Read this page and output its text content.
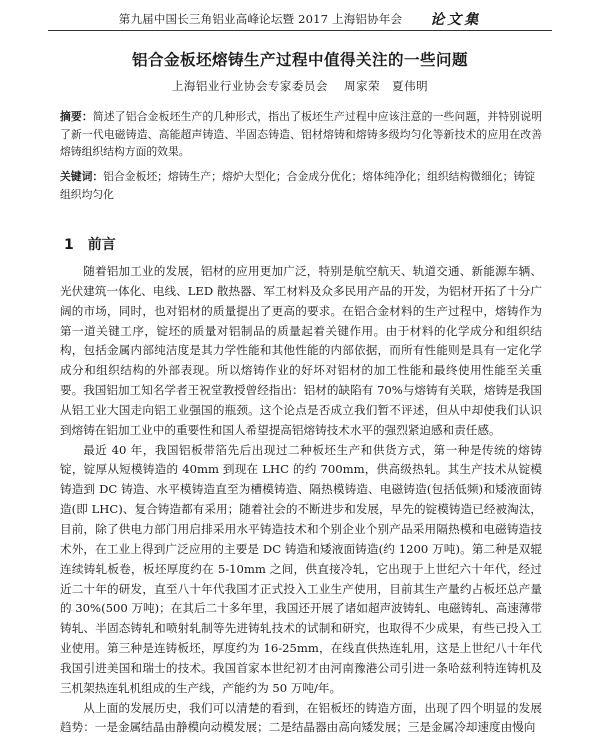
第九届中国长三角铝业高峰论坛暨 2017 上海铝协年会 论文集
铝合金板坯熔铸生产过程中值得关注的一些问题
上海铝业行业协会专家委员会 周家荣　夏伟明
摘要：简述了铝合金板坯生产的几种形式，指出了板坯生产过程中应该注意的一些问题，并特别说明了新一代电磁铸造、高能超声铸造、半固态铸造、铝材熔铸和熔铸多级均匀化等新技术的应用在改善熔铸组织结构方面的效果。
关键词：铝合金板坯；熔铸生产；熔炉大型化；合金成分优化；熔体纯净化；组织结构微细化；铸锭组织均匀化
1 前言

随着铝加工业的发展，铝材的应用更加广泛，特别是航空航天、轨道交通、新能源车辆、光伏建筑一体化、电线、LED 散热器、军工材料及众多民用产品的开发，为铝材开拓了十分广阔的市场，同时，也对铝材的质量提出了更高的要求。在铝合金材料的生产过程中，熔铸作为第一道关键工序，锭坯的质量对铝制品的质量起着关键作用。由于材料的化学成分和组织结构，包括金属内部纯洁度是其力学性能和其他性能的内部依据，而所有性能则是具有一定化学成分和组织结构的外部表现。所以熔铸作业的好坏对铝材的加工性能和最终使用性能至关重要。我国铝加工知名学者王祝堂教授曾经指出：铝材的缺陷有 70%与熔铸有关联，熔铸是我国从铝工业大国走向铝工业强国的瓶颈。这个论点是否成立我们暂不评述，但从中却使我们认识到熔铸在铝加工业中的重要性和国人希望提高铝熔铸技术水平的强烈紧迫感和责任感。

最近 40 年，我国铝板带箔先后出现过二种板坯生产和供货方式，第一种是传统的熔铸锭，锭厚从短模铸造的 40mm 到现在 LHC 的约 700mm，供高级热轧。其生产技术从锭模铸造到 DC 铸造、水平模铸造直至为槽模铸造、隔热模铸造、电磁铸造(包括低频)和矮液面铸造(即 LHC)、复合铸造都有采用；随着社会的不断进步和发展，早先的锭模铸造已经被淘汰，目前，除了供电力部门用启排采用水平铸造技术和个别企业个别产品采用隔热模和电磁铸造技术外，在工业上得到广泛应用的主要是 DC 铸造和矮液面铸造(约 1200 万吨)。第二种是双辊连续铸轧板卷，板坯厚度约在 5-10mm 之间，供直接冷轧，它出现于上世纪六十年代，经过近二十年的研发，直至八十年代我国才正式投入工业生产使用，目前其生产量约占板坯总产量的 30%(500 万吨)；在其后二十多年里，我国还开展了诸如超声波铸轧、电磁铸轧、高速薄带铸轧、半固态铸轧和喷射轧制等先进铸轧技术的试制和研究，也取得不少成果，有些已投入工业使用。第三种是连铸板坯，厚度约为 16-25mm，在线直供热连轧用，这是上世纪八十年代我国引进美国和瑞士的技术。我国首家本世纪初才由河南豫港公司引进一条哈兹利特连铸机及三机架热连轧机组成的生产线，产能约为 50 万吨/年。

从上面的发展历史，我们可以清楚的看到，在铝板坯的铸造方面，出现了四个明显的发展趋势：一是金属结晶由静模向动模发展；二是结晶器由高向矮发展；三是金属冷却速度由慢向
